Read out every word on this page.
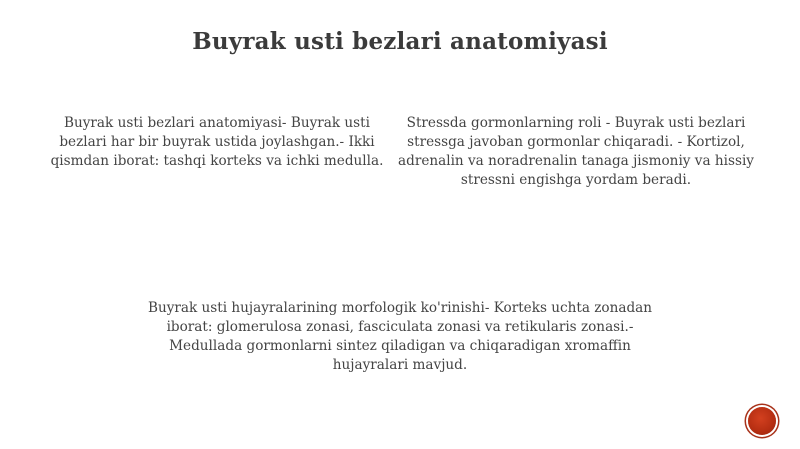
Buyrak usti bezlari anatomiyasi
Buyrak usti bezlari anatomiyasi- Buyrak usti bezlari har bir buyrak ustida joylashgan.- Ikki qismdan iborat: tashqi korteks va ichki medulla.
Stressda gormonlarning roli - Buyrak usti bezlari stressga javoban gormonlar chiqaradi. - Kortizol, adrenalin va noradrenalin tanaga jismoniy va hissiy stressni engishga yordam beradi.
Buyrak usti hujayralarining morfologik ko'rinishi- Korteks uchta zonadan iborat: glomerulosa zonasi, fasciculata zonasi va retikularis zonasi.- Medullada gormonlarni sintez qiladigan va chiqaradigan xromaffin hujayralari mavjud.
